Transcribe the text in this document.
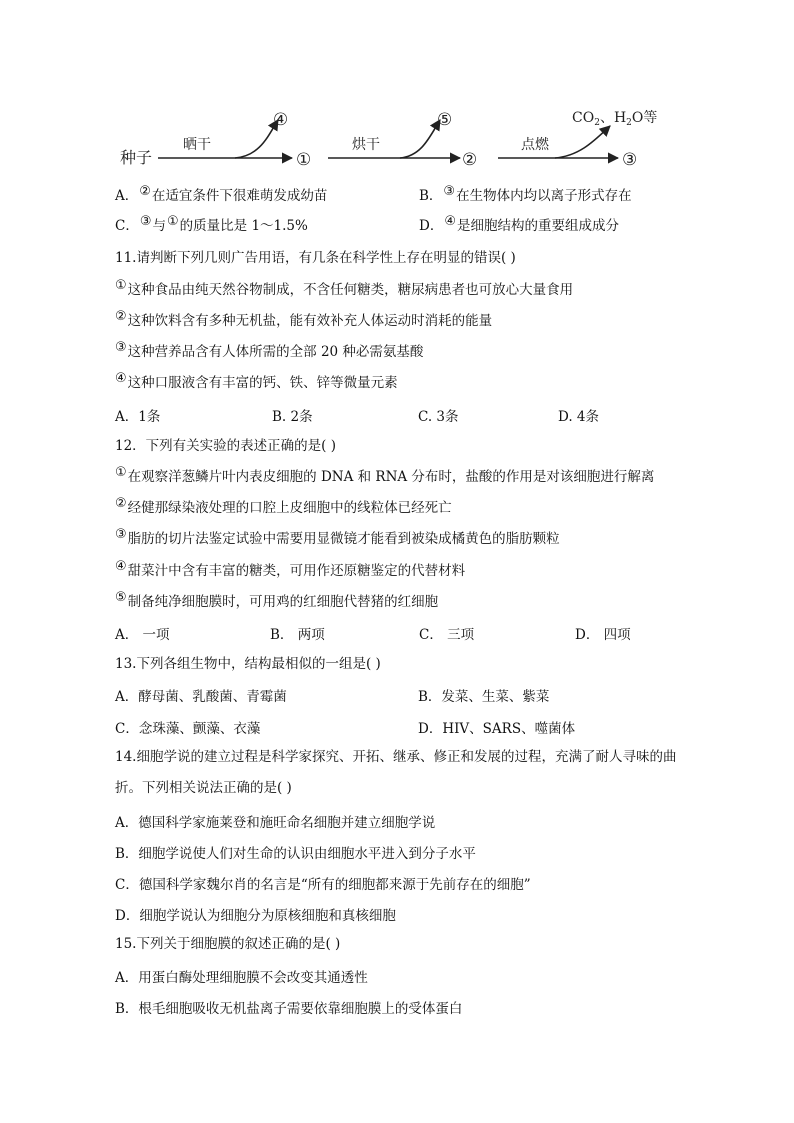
种子
晒干
④
①
烘干
⑤
②
点燃
$CO_2$、$H_2O$等
③
A．②在适宜条件下很难萌发成幼苗	B．③在生物体内均以离子形式存在
C．③与①的质量比是 1～1.5%	D．④是细胞结构的重要组成成分
11.请判断下列几则广告用语，有几条在科学性上存在明显的错误( )
①这种食品由纯天然谷物制成，不含任何糖类，糖尿病患者也可放心大量食用
②这种饮料含有多种无机盐，能有效补充人体运动时消耗的能量
③这种营养品含有人体所需的全部 20 种必需氨基酸
④这种口服液含有丰富的钙、铁、锌等微量元素
A．1条	B. 2条	C. 3条	D. 4条
12．下列有关实验的表述正确的是( )
①在观察洋葱鳞片叶内表皮细胞的 DNA 和 RNA 分布时，盐酸的作用是对该细胞进行解离
②经健那绿染液处理的口腔上皮细胞中的线粒体已经死亡
③脂肪的切片法鉴定试验中需要用显微镜才能看到被染成橘黄色的脂肪颗粒
④甜菜汁中含有丰富的糖类，可用作还原糖鉴定的代替材料
⑤制备纯净细胞膜时，可用鸡的红细胞代替猪的红细胞
A． 一项	B． 两项	C． 三项	D． 四项
13.下列各组生物中，结构最相似的一组是( )
A．酵母菌、乳酸菌、青霉菌	B．发菜、生菜、紫菜
C．念珠藻、颤藻、衣藻	D．HIV、SARS、噬菌体
14.细胞学说的建立过程是科学家探究、开拓、继承、修正和发展的过程，充满了耐人寻味的曲折。下列相关说法正确的是( )
A．德国科学家施莱登和施旺命名细胞并建立细胞学说
B．细胞学说使人们对生命的认识由细胞水平进入到分子水平
C．德国科学家魏尔肖的名言是“所有的细胞都来源于先前存在的细胞”
D．细胞学说认为细胞分为原核细胞和真核细胞
15.下列关于细胞膜的叙述正确的是( )
A．用蛋白酶处理细胞膜不会改变其通透性
B．根毛细胞吸收无机盐离子需要依靠细胞膜上的受体蛋白
